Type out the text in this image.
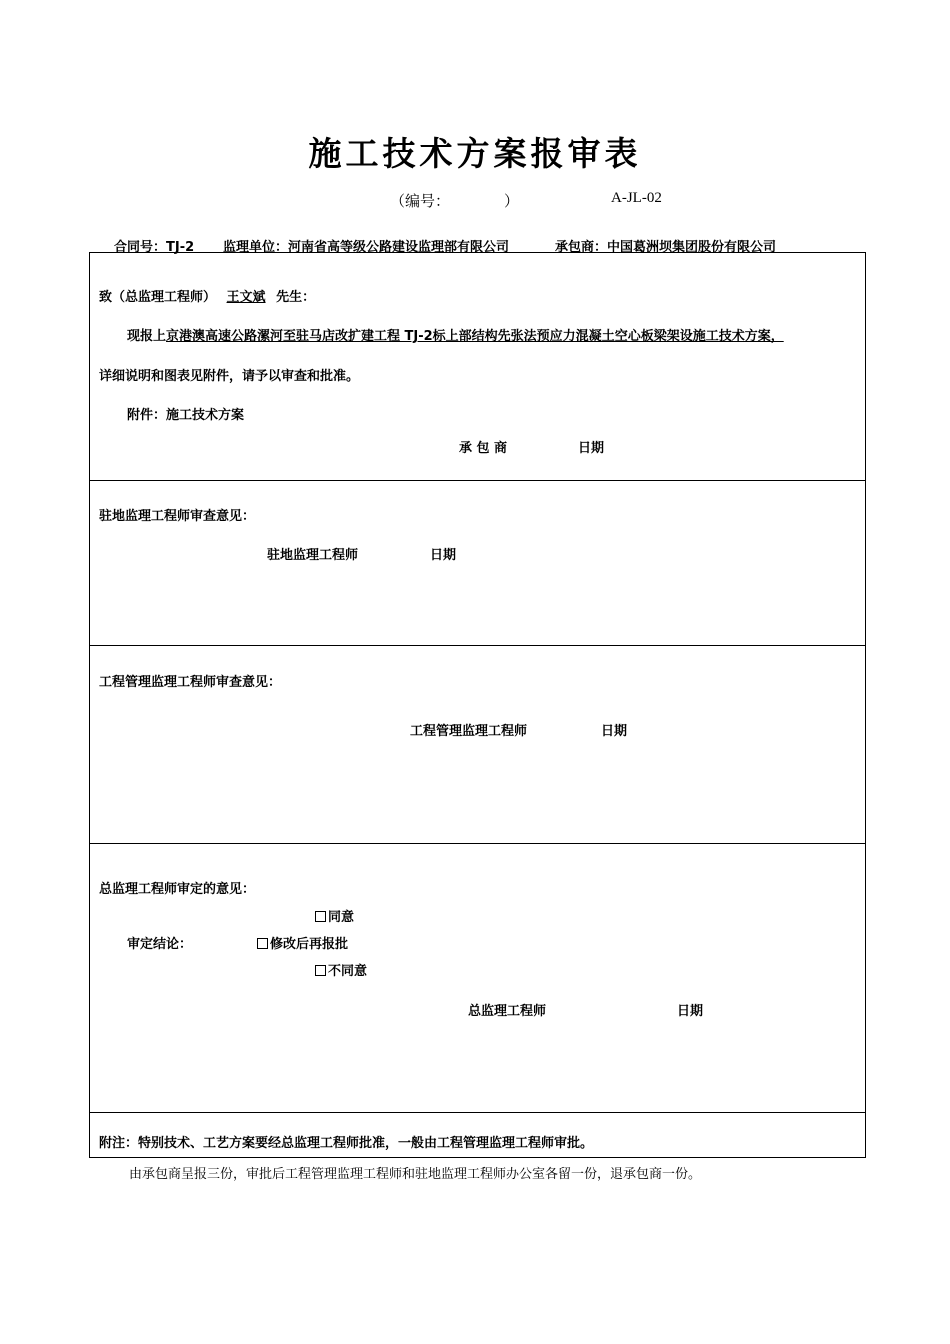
施工技术方案报审表
（编号：	）	A-JL-02
合同号：TJ-2 监理单位：河南省高等级公路建设监理部有限公司	承包商：中国葛洲坝集团股份有限公司
致（总监理工程师） 王文斌 先生：
现报上京港澳高速公路漯河至驻马店改扩建工程 TJ-2标上部结构先张法预应力混凝土空心板梁架设施工技术方案，
详细说明和图表见附件，请予以审查和批准。
附件：施工技术方案
承 包 商	日期
驻地监理工程师审查意见：
驻地监理工程师	日期
工程管理监理工程师审查意见：
工程管理监理工程师	日期
总监理工程师审定的意见：
同意
审定结论：	修改后再报批
不同意
总监理工程师	日期
附注：特别技术、工艺方案要经总监理工程师批准，一般由工程管理监理工程师审批。
由承包商呈报三份，审批后工程管理监理工程师和驻地监理工程师办公室各留一份，退承包商一份。
